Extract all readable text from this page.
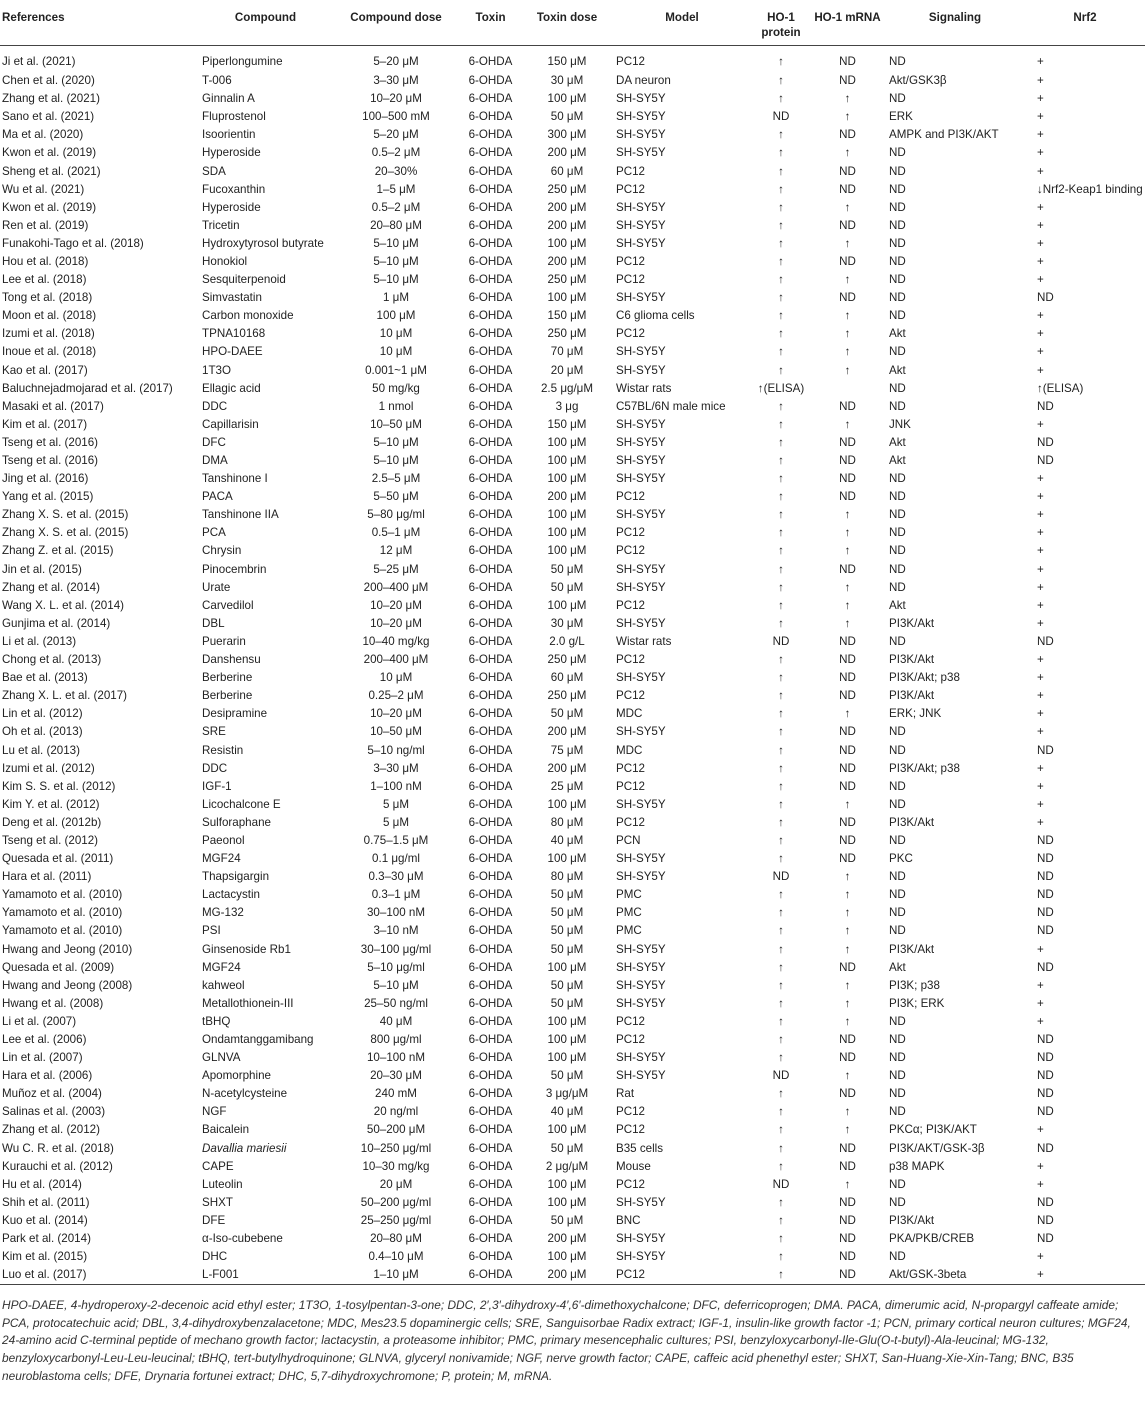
References	Compound	Compound dose	Toxin	Toxin dose	Model	HO-1 protein	HO-1 mRNA	Signaling	Nrf2
Ji et al. (2021)	Piperlongumine	5–20 μM	6-OHDA	150 μM	PC12	↑	ND	ND	+
Chen et al. (2020)	T-006	3–30 μM	6-OHDA	30 μM	DA neuron	↑	ND	Akt/GSK3β	+
Zhang et al. (2021)	Ginnalin A	10–20 μM	6-OHDA	100 μM	SH-SY5Y	↑	↑	ND	+
Sano et al. (2021)	Fluprostenol	100–500 mM	6-OHDA	50 μM	SH-SY5Y	ND	↑	ERK	+
Ma et al. (2020)	Isoorientin	5–20 μM	6-OHDA	300 μM	SH-SY5Y	↑	ND	AMPK and PI3K/AKT	+
Kwon et al. (2019)	Hyperoside	0.5–2 μM	6-OHDA	200 μM	SH-SY5Y	↑	↑	ND	+
Sheng et al. (2021)	SDA	20–30%	6-OHDA	60 μM	PC12	↑	ND	ND	+
Wu et al. (2021)	Fucoxanthin	1–5 μM	6-OHDA	250 μM	PC12	↑	ND	ND	↓Nrf2-Keap1 binding
Kwon et al. (2019)	Hyperoside	0.5–2 μM	6-OHDA	200 μM	SH-SY5Y	↑	↑	ND	+
Ren et al. (2019)	Tricetin	20–80 μM	6-OHDA	200 μM	SH-SY5Y	↑	ND	ND	+
Funakohi-Tago et al. (2018)	Hydroxytyrosol butyrate	5–10 μM	6-OHDA	100 μM	SH-SY5Y	↑	↑	ND	+
Hou et al. (2018)	Honokiol	5–10 μM	6-OHDA	200 μM	PC12	↑	ND	ND	+
Lee et al. (2018)	Sesquiterpenoid	5–10 μM	6-OHDA	250 μM	PC12	↑	↑	ND	+
Tong et al. (2018)	Simvastatin	1 μM	6-OHDA	100 μM	SH-SY5Y	↑	ND	ND	ND
Moon et al. (2018)	Carbon monoxide	100 μM	6-OHDA	150 μM	C6 glioma cells	↑	↑	ND	+
Izumi et al. (2018)	TPNA10168	10 μM	6-OHDA	250 μM	PC12	↑	↑	Akt	+
Inoue et al. (2018)	HPO-DAEE	10 μM	6-OHDA	70 μM	SH-SY5Y	↑	↑	ND	+
Kao et al. (2017)	1T3O	0.001~1 μM	6-OHDA	20 μM	SH-SY5Y	↑	↑	Akt	+
Baluchnejadmojarad et al. (2017)	Ellagic acid	50 mg/kg	6-OHDA	2.5 μg/μM	Wistar rats	↑(ELISA)		ND	↑(ELISA)
Masaki et al. (2017)	DDC	1 nmol	6-OHDA	3 μg	C57BL/6N male mice	↑	ND	ND	ND
Kim et al. (2017)	Capillarisin	10–50 μM	6-OHDA	150 μM	SH-SY5Y	↑	↑	JNK	+
Tseng et al. (2016)	DFC	5–10 μM	6-OHDA	100 μM	SH-SY5Y	↑	ND	Akt	ND
Tseng et al. (2016)	DMA	5–10 μM	6-OHDA	100 μM	SH-SY5Y	↑	ND	Akt	ND
Jing et al. (2016)	Tanshinone I	2.5–5 μM	6-OHDA	100 μM	SH-SY5Y	↑	ND	ND	+
Yang et al. (2015)	PACA	5–50 μM	6-OHDA	200 μM	PC12	↑	ND	ND	+
Zhang X. S. et al. (2015)	Tanshinone IIA	5–80 μg/ml	6-OHDA	100 μM	SH-SY5Y	↑	↑	ND	+
Zhang X. S. et al. (2015)	PCA	0.5–1 μM	6-OHDA	100 μM	PC12	↑	↑	ND	+
Zhang Z. et al. (2015)	Chrysin	12 μM	6-OHDA	100 μM	PC12	↑	↑	ND	+
Jin et al. (2015)	Pinocembrin	5–25 μM	6-OHDA	50 μM	SH-SY5Y	↑	ND	ND	+
Zhang et al. (2014)	Urate	200–400 μM	6-OHDA	50 μM	SH-SY5Y	↑	↑	ND	+
Wang X. L. et al. (2014)	Carvedilol	10–20 μM	6-OHDA	100 μM	PC12	↑	↑	Akt	+
Gunjima et al. (2014)	DBL	10–20 μM	6-OHDA	30 μM	SH-SY5Y	↑	↑	PI3K/Akt	+
Li et al. (2013)	Puerarin	10–40 mg/kg	6-OHDA	2.0 g/L	Wistar rats	ND	ND	ND	ND
Chong et al. (2013)	Danshensu	200–400 μM	6-OHDA	250 μM	PC12	↑	ND	PI3K/Akt	+
Bae et al. (2013)	Berberine	10 μM	6-OHDA	60 μM	SH-SY5Y	↑	ND	PI3K/Akt; p38	+
Zhang X. L. et al. (2017)	Berberine	0.25–2 μM	6-OHDA	250 μM	PC12	↑	ND	PI3K/Akt	+
Lin et al. (2012)	Desipramine	10–20 μM	6-OHDA	50 μM	MDC	↑	↑	ERK; JNK	+
Oh et al. (2013)	SRE	10–50 μM	6-OHDA	200 μM	SH-SY5Y	↑	ND	ND	+
Lu et al. (2013)	Resistin	5–10 ng/ml	6-OHDA	75 μM	MDC	↑	ND	ND	ND
Izumi et al. (2012)	DDC	3–30 μM	6-OHDA	200 μM	PC12	↑	ND	PI3K/Akt; p38	+
Kim S. S. et al. (2012)	IGF-1	1–100 nM	6-OHDA	25 μM	PC12	↑	ND	ND	+
Kim Y. et al. (2012)	Licochalcone E	5 μM	6-OHDA	100 μM	SH-SY5Y	↑	↑	ND	+
Deng et al. (2012b)	Sulforaphane	5 μM	6-OHDA	80 μM	PC12	↑	ND	PI3K/Akt	+
Tseng et al. (2012)	Paeonol	0.75–1.5 μM	6-OHDA	40 μM	PCN	↑	ND	ND	ND
Quesada et al. (2011)	MGF24	0.1 μg/ml	6-OHDA	100 μM	SH-SY5Y	↑	ND	PKC	ND
Hara et al. (2011)	Thapsigargin	0.3–30 μM	6-OHDA	80 μM	SH-SY5Y	ND	↑	ND	ND
Yamamoto et al. (2010)	Lactacystin	0.3–1 μM	6-OHDA	50 μM	PMC	↑	↑	ND	ND
Yamamoto et al. (2010)	MG-132	30–100 nM	6-OHDA	50 μM	PMC	↑	↑	ND	ND
Yamamoto et al. (2010)	PSI	3–10 nM	6-OHDA	50 μM	PMC	↑	↑	ND	ND
Hwang and Jeong (2010)	Ginsenoside Rb1	30–100 μg/ml	6-OHDA	50 μM	SH-SY5Y	↑	↑	PI3K/Akt	+
Quesada et al. (2009)	MGF24	5–10 μg/ml	6-OHDA	100 μM	SH-SY5Y	↑	ND	Akt	ND
Hwang and Jeong (2008)	kahweol	5–10 μM	6-OHDA	50 μM	SH-SY5Y	↑	↑	PI3K; p38	+
Hwang et al. (2008)	Metallothionein-III	25–50 ng/ml	6-OHDA	50 μM	SH-SY5Y	↑	↑	PI3K; ERK	+
Li et al. (2007)	tBHQ	40 μM	6-OHDA	100 μM	PC12	↑	↑	ND	+
Lee et al. (2006)	Ondamtanggamibang	800 μg/ml	6-OHDA	100 μM	PC12	↑	ND	ND	ND
Lin et al. (2007)	GLNVA	10–100 nM	6-OHDA	100 μM	SH-SY5Y	↑	ND	ND	ND
Hara et al. (2006)	Apomorphine	20–30 μM	6-OHDA	50 μM	SH-SY5Y	ND	↑	ND	ND
Muñoz et al. (2004)	N-acetylcysteine	240 mM	6-OHDA	3 μg/μM	Rat	↑	ND	ND	ND
Salinas et al. (2003)	NGF	20 ng/ml	6-OHDA	40 μM	PC12	↑	↑	ND	ND
Zhang et al. (2012)	Baicalein	50–200 μM	6-OHDA	100 μM	PC12	↑	↑	PKCα; PI3K/AKT	+
Wu C. R. et al. (2018)	Davallia mariesii	10–250 μg/ml	6-OHDA	50 μM	B35 cells	↑	ND	PI3K/AKT/GSK-3β	ND
Kurauchi et al. (2012)	CAPE	10–30 mg/kg	6-OHDA	2 μg/μM	Mouse	↑	ND	p38 MAPK	+
Hu et al. (2014)	Luteolin	20 μM	6-OHDA	100 μM	PC12	ND	↑	ND	+
Shih et al. (2011)	SHXT	50–200 μg/ml	6-OHDA	100 μM	SH-SY5Y	↑	ND	ND	ND
Kuo et al. (2014)	DFE	25–250 μg/ml	6-OHDA	50 μM	BNC	↑	ND	PI3K/Akt	ND
Park et al. (2014)	α-Iso-cubebene	20–80 μM	6-OHDA	200 μM	SH-SY5Y	↑	ND	PKA/PKB/CREB	ND
Kim et al. (2015)	DHC	0.4–10 μM	6-OHDA	100 μM	SH-SY5Y	↑	ND	ND	+
Luo et al. (2017)	L-F001	1–10 μM	6-OHDA	200 μM	PC12	↑	ND	Akt/GSK-3beta	+
HPO-DAEE, 4-hydroperoxy-2-decenoic acid ethyl ester; 1T3O, 1-tosylpentan-3-one; DDC, 2′,3′-dihydroxy-4′,6′-dimethoxychalcone; DFC, deferricoprogen; DMA. PACA, dimerumic acid, N-propargyl caffeate amide; PCA, protocatechuic acid; DBL, 3,4-dihydroxybenzalacetone; MDC, Mes23.5 dopaminergic cells; SRE, Sanguisorbae Radix extract; IGF-1, insulin-like growth factor -1; PCN, primary cortical neuron cultures; MGF24, 24-amino acid C-terminal peptide of mechano growth factor; lactacystin, a proteasome inhibitor; PMC, primary mesencephalic cultures; PSI, benzyloxycarbonyl-Ile-Glu(O-t-butyl)-Ala-leucinal; MG-132, benzyloxycarbonyl-Leu-Leu-leucinal; tBHQ, tert-butylhydroquinone; GLNVA, glyceryl nonivamide; NGF, nerve growth factor; CAPE, caffeic acid phenethyl ester; SHXT, San-Huang-Xie-Xin-Tang; BNC, B35 neuroblastoma cells; DFE, Drynaria fortunei extract; DHC, 5,7-dihydroxychromone; P, protein; M, mRNA.
